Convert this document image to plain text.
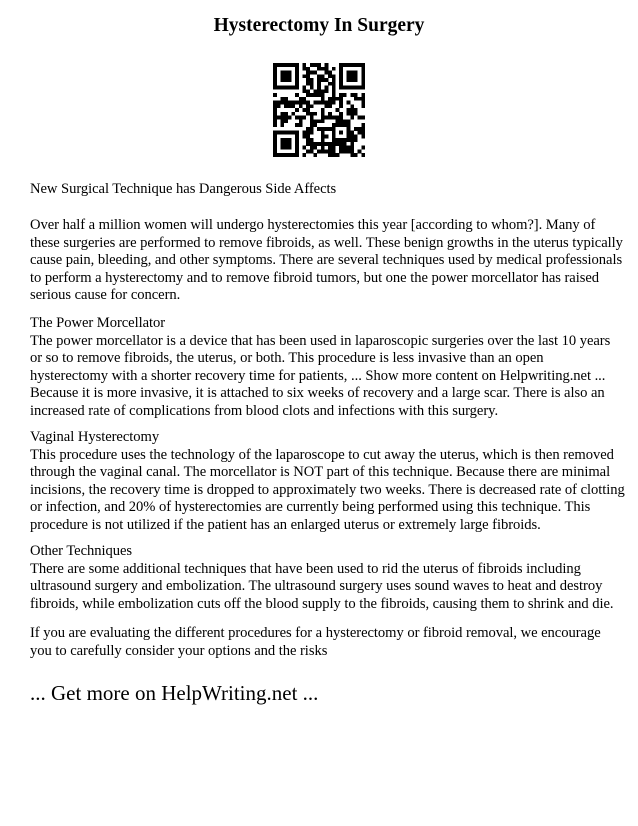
Hysterectomy In Surgery

New Surgical Technique has Dangerous Side Affects

Over half a million women will undergo hysterectomies this year [according to whom?]. Many of
these surgeries are performed to remove fibroids, as well. These benign growths in the uterus typically
cause pain, bleeding, and other symptoms. There are several techniques used by medical professionals
to perform a hysterectomy and to remove fibroid tumors, but one the power morcellator has raised
serious cause for concern.

The Power Morcellator
The power morcellator is a device that has been used in laparoscopic surgeries over the last 10 years
or so to remove fibroids, the uterus, or both. This procedure is less invasive than an open
hysterectomy with a shorter recovery time for patients, ... Show more content on Helpwriting.net ...
Because it is more invasive, it is attached to six weeks of recovery and a large scar. There is also an
increased rate of complications from blood clots and infections with this surgery.

Vaginal Hysterectomy
This procedure uses the technology of the laparoscope to cut away the uterus, which is then removed
through the vaginal canal. The morcellator is NOT part of this technique. Because there are minimal
incisions, the recovery time is dropped to approximately two weeks. There is decreased rate of clotting
or infection, and 20% of hysterectomies are currently being performed using this technique. This
procedure is not utilized if the patient has an enlarged uterus or extremely large fibroids.

Other Techniques
There are some additional techniques that have been used to rid the uterus of fibroids including
ultrasound surgery and embolization. The ultrasound surgery uses sound waves to heat and destroy
fibroids, while embolization cuts off the blood supply to the fibroids, causing them to shrink and die.

If you are evaluating the different procedures for a hysterectomy or fibroid removal, we encourage
you to carefully consider your options and the risks

... Get more on HelpWriting.net ...
